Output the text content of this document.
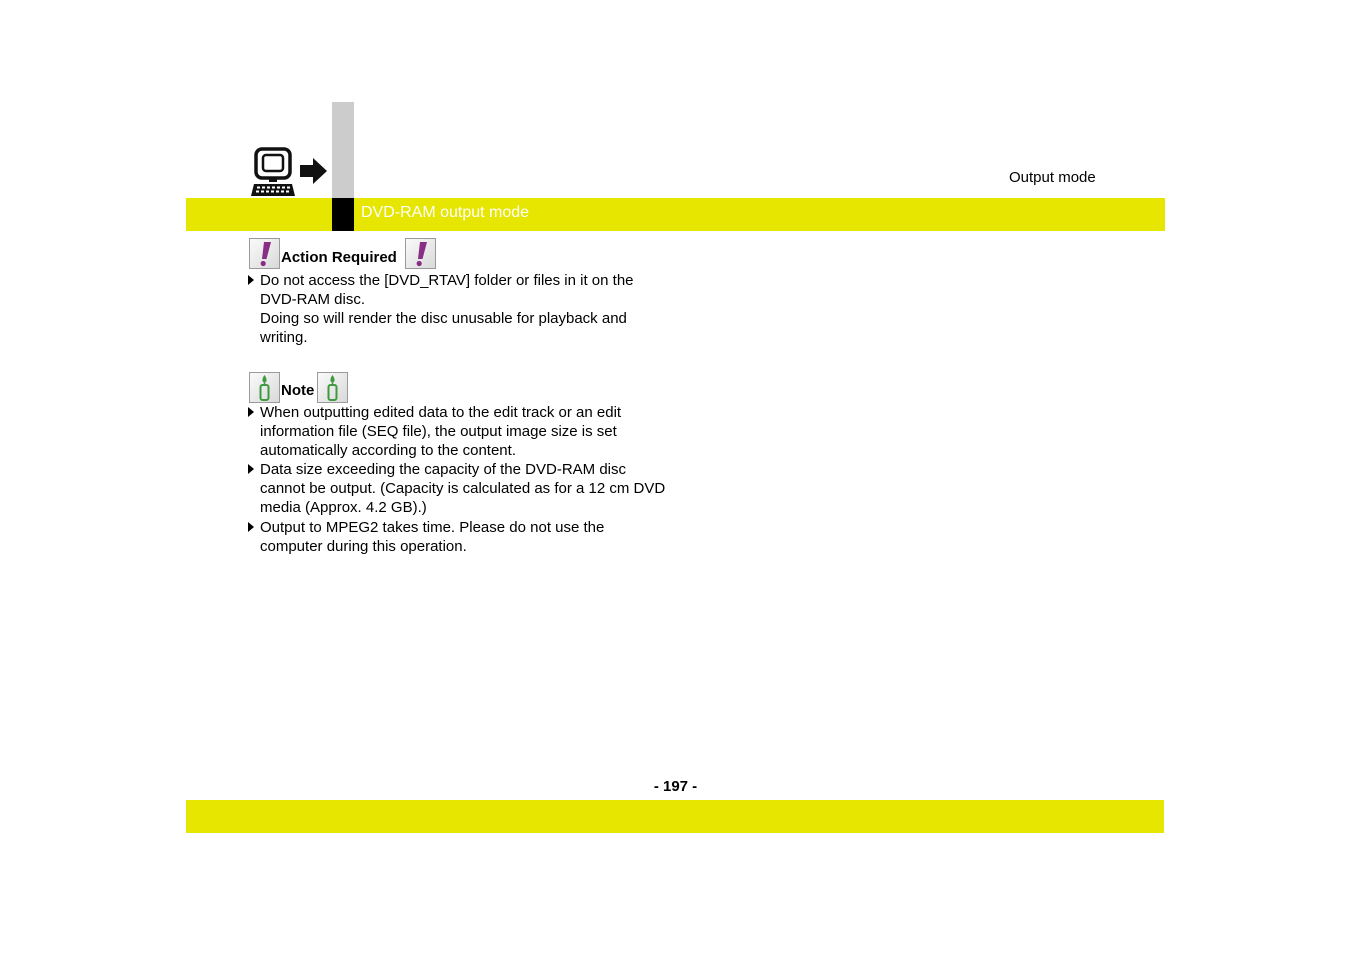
DVD-RAM output mode
Output mode
Action Required
Do not access the [DVD_RTAV] folder or files in it on the DVD-RAM disc.
Doing so will render the disc unusable for playback and writing.
Note
When outputting edited data to the edit track or an edit information file (SEQ file), the output image size is set automatically according to the content.
Data size exceeding the capacity of the DVD-RAM disc cannot be output. (Capacity is calculated as for a 12 cm DVD media (Approx. 4.2 GB).)
Output to MPEG2 takes time. Please do not use the computer during this operation.
- 197 -
